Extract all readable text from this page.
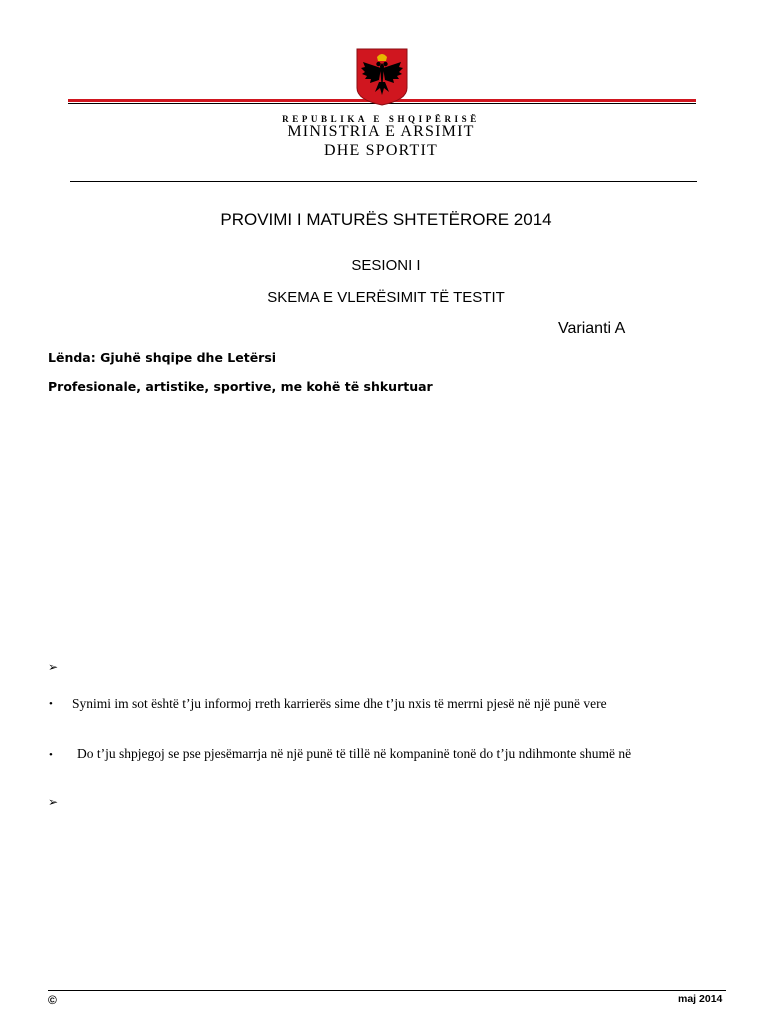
REPUBLIKA E SHQIPËRISË
MINISTRIA E ARSIMIT
DHE SPORTIT
PROVIMI I MATURËS SHTETËRORE 2014
SESIONI I
SKEMA E VLERËSIMIT TË TESTIT
Varianti A
Lënda: Gjuhë shqipe dhe Letërsi
Profesionale, artistike, sportive, me kohë të shkurtuar
➢
• Synimi im sot është t’ju informoj rreth karrierës sime dhe t’ju nxis të merrni pjesë në një punë vere
• Do t’ju shpjegoj se pse pjesëmarrja në një punë të tillë në kompaninë tonë do t’ju ndihmonte shumë në
➢
©	maj 2014
